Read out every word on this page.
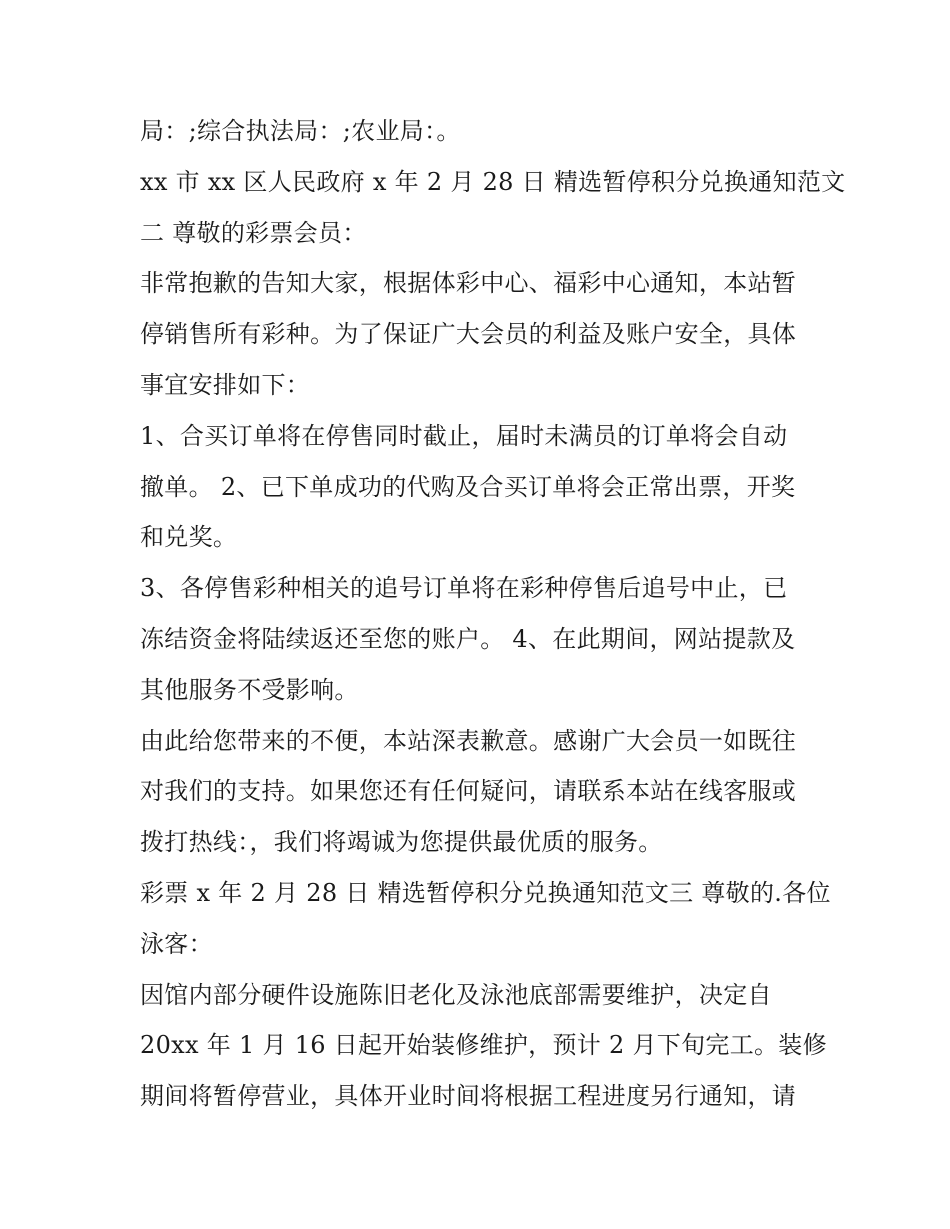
局：;综合执法局：;农业局：。
xx 市 xx 区人民政府 x 年 2 月 28 日 精选暂停积分兑换通知范文
二 尊敬的彩票会员：
非常抱歉的告知大家，根据体彩中心、福彩中心通知，本站暂
停销售所有彩种。为了保证广大会员的利益及账户安全，具体
事宜安排如下：
1、合买订单将在停售同时截止，届时未满员的订单将会自动
撤单。 2、已下单成功的代购及合买订单将会正常出票，开奖
和兑奖。
3、各停售彩种相关的追号订单将在彩种停售后追号中止，已
冻结资金将陆续返还至您的账户。 4、在此期间，网站提款及
其他服务不受影响。
由此给您带来的不便，本站深表歉意。感谢广大会员一如既往
对我们的支持。如果您还有任何疑问，请联系本站在线客服或
拨打热线：，我们将竭诚为您提供最优质的服务。
彩票 x 年 2 月 28 日 精选暂停积分兑换通知范文三 尊敬的.各位
泳客：
因馆内部分硬件设施陈旧老化及泳池底部需要维护，决定自
20xx 年 1 月 16 日起开始装修维护，预计 2 月下旬完工。装修
期间将暂停营业，具体开业时间将根据工程进度另行通知，请
